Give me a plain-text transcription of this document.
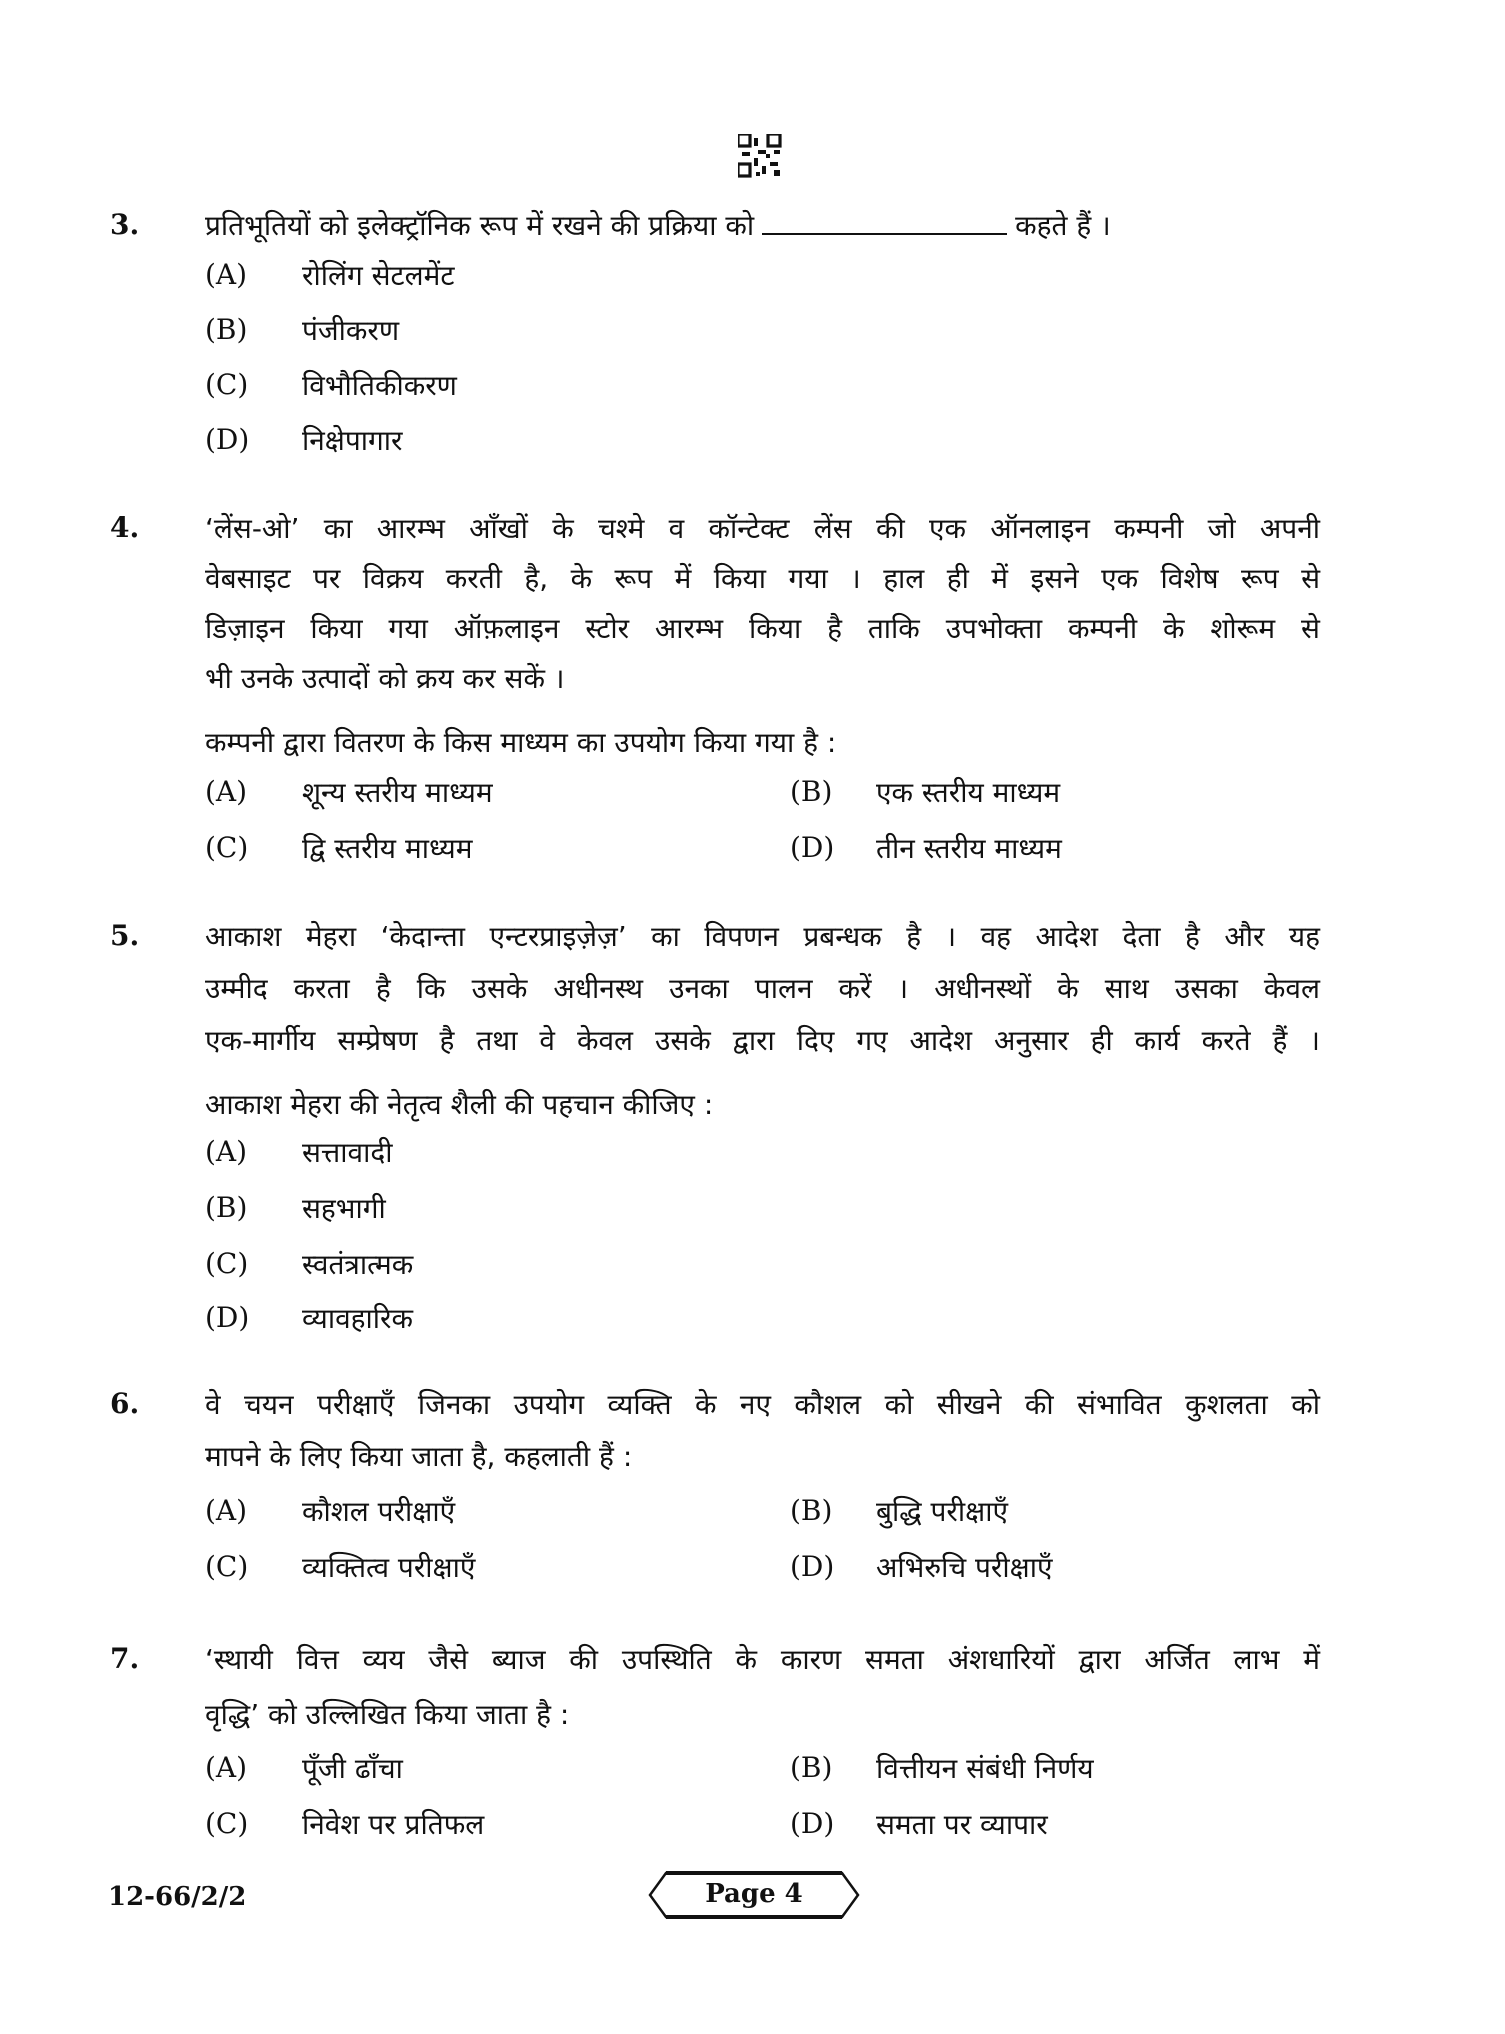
3. प्रतिभूतियों को इलेक्ट्रॉनिक रूप में रखने की प्रक्रिया को	कहते हैं ।
(A) रोलिंग सेटलमेंट
(B) पंजीकरण
(C) विभौतिकीकरण
(D) निक्षेपागार
4. ‘लेंस-ओ’ का आरम्भ आँखों के चश्मे व कॉन्टेक्ट लेंस की एक ऑनलाइन कम्पनी जो अपनी
वेबसाइट पर विक्रय करती है, के रूप में किया गया । हाल ही में इसने एक विशेष रूप से
डिज़ाइन किया गया ऑफ़लाइन स्टोर आरम्भ किया है ताकि उपभोक्ता कम्पनी के शोरूम से
भी उनके उत्पादों को क्रय कर सकें ।
कम्पनी द्वारा वितरण के किस माध्यम का उपयोग किया गया है :
(A) शून्य स्तरीय माध्यम	(B) एक स्तरीय माध्यम
(C) द्वि स्तरीय माध्यम	(D) तीन स्तरीय माध्यम
5. आकाश मेहरा ‘केदान्ता एन्टरप्राइज़ेज़’ का विपणन प्रबन्धक है । वह आदेश देता है और यह
उम्मीद करता है कि उसके अधीनस्थ उनका पालन करें । अधीनस्थों के साथ उसका केवल
एक-मार्गीय सम्प्रेषण है तथा वे केवल उसके द्वारा दिए गए आदेश अनुसार ही कार्य करते हैं ।
आकाश मेहरा की नेतृत्व शैली की पहचान कीजिए :
(A) सत्तावादी
(B) सहभागी
(C) स्वतंत्रात्मक
(D) व्यावहारिक
6. वे चयन परीक्षाएँ जिनका उपयोग व्यक्ति के नए कौशल को सीखने की संभावित कुशलता को
मापने के लिए किया जाता है, कहलाती हैं :
(A) कौशल परीक्षाएँ	(B) बुद्धि परीक्षाएँ
(C) व्यक्तित्व परीक्षाएँ	(D) अभिरुचि परीक्षाएँ
7. ‘स्थायी वित्त व्यय जैसे ब्याज की उपस्थिति के कारण समता अंशधारियों द्वारा अर्जित लाभ में
वृद्धि’ को उल्लिखित किया जाता है :
(A) पूँजी ढाँचा	(B) वित्तीयन संबंधी निर्णय
(C) निवेश पर प्रतिफल	(D) समता पर व्यापार
12-66/2/2	Page 4
